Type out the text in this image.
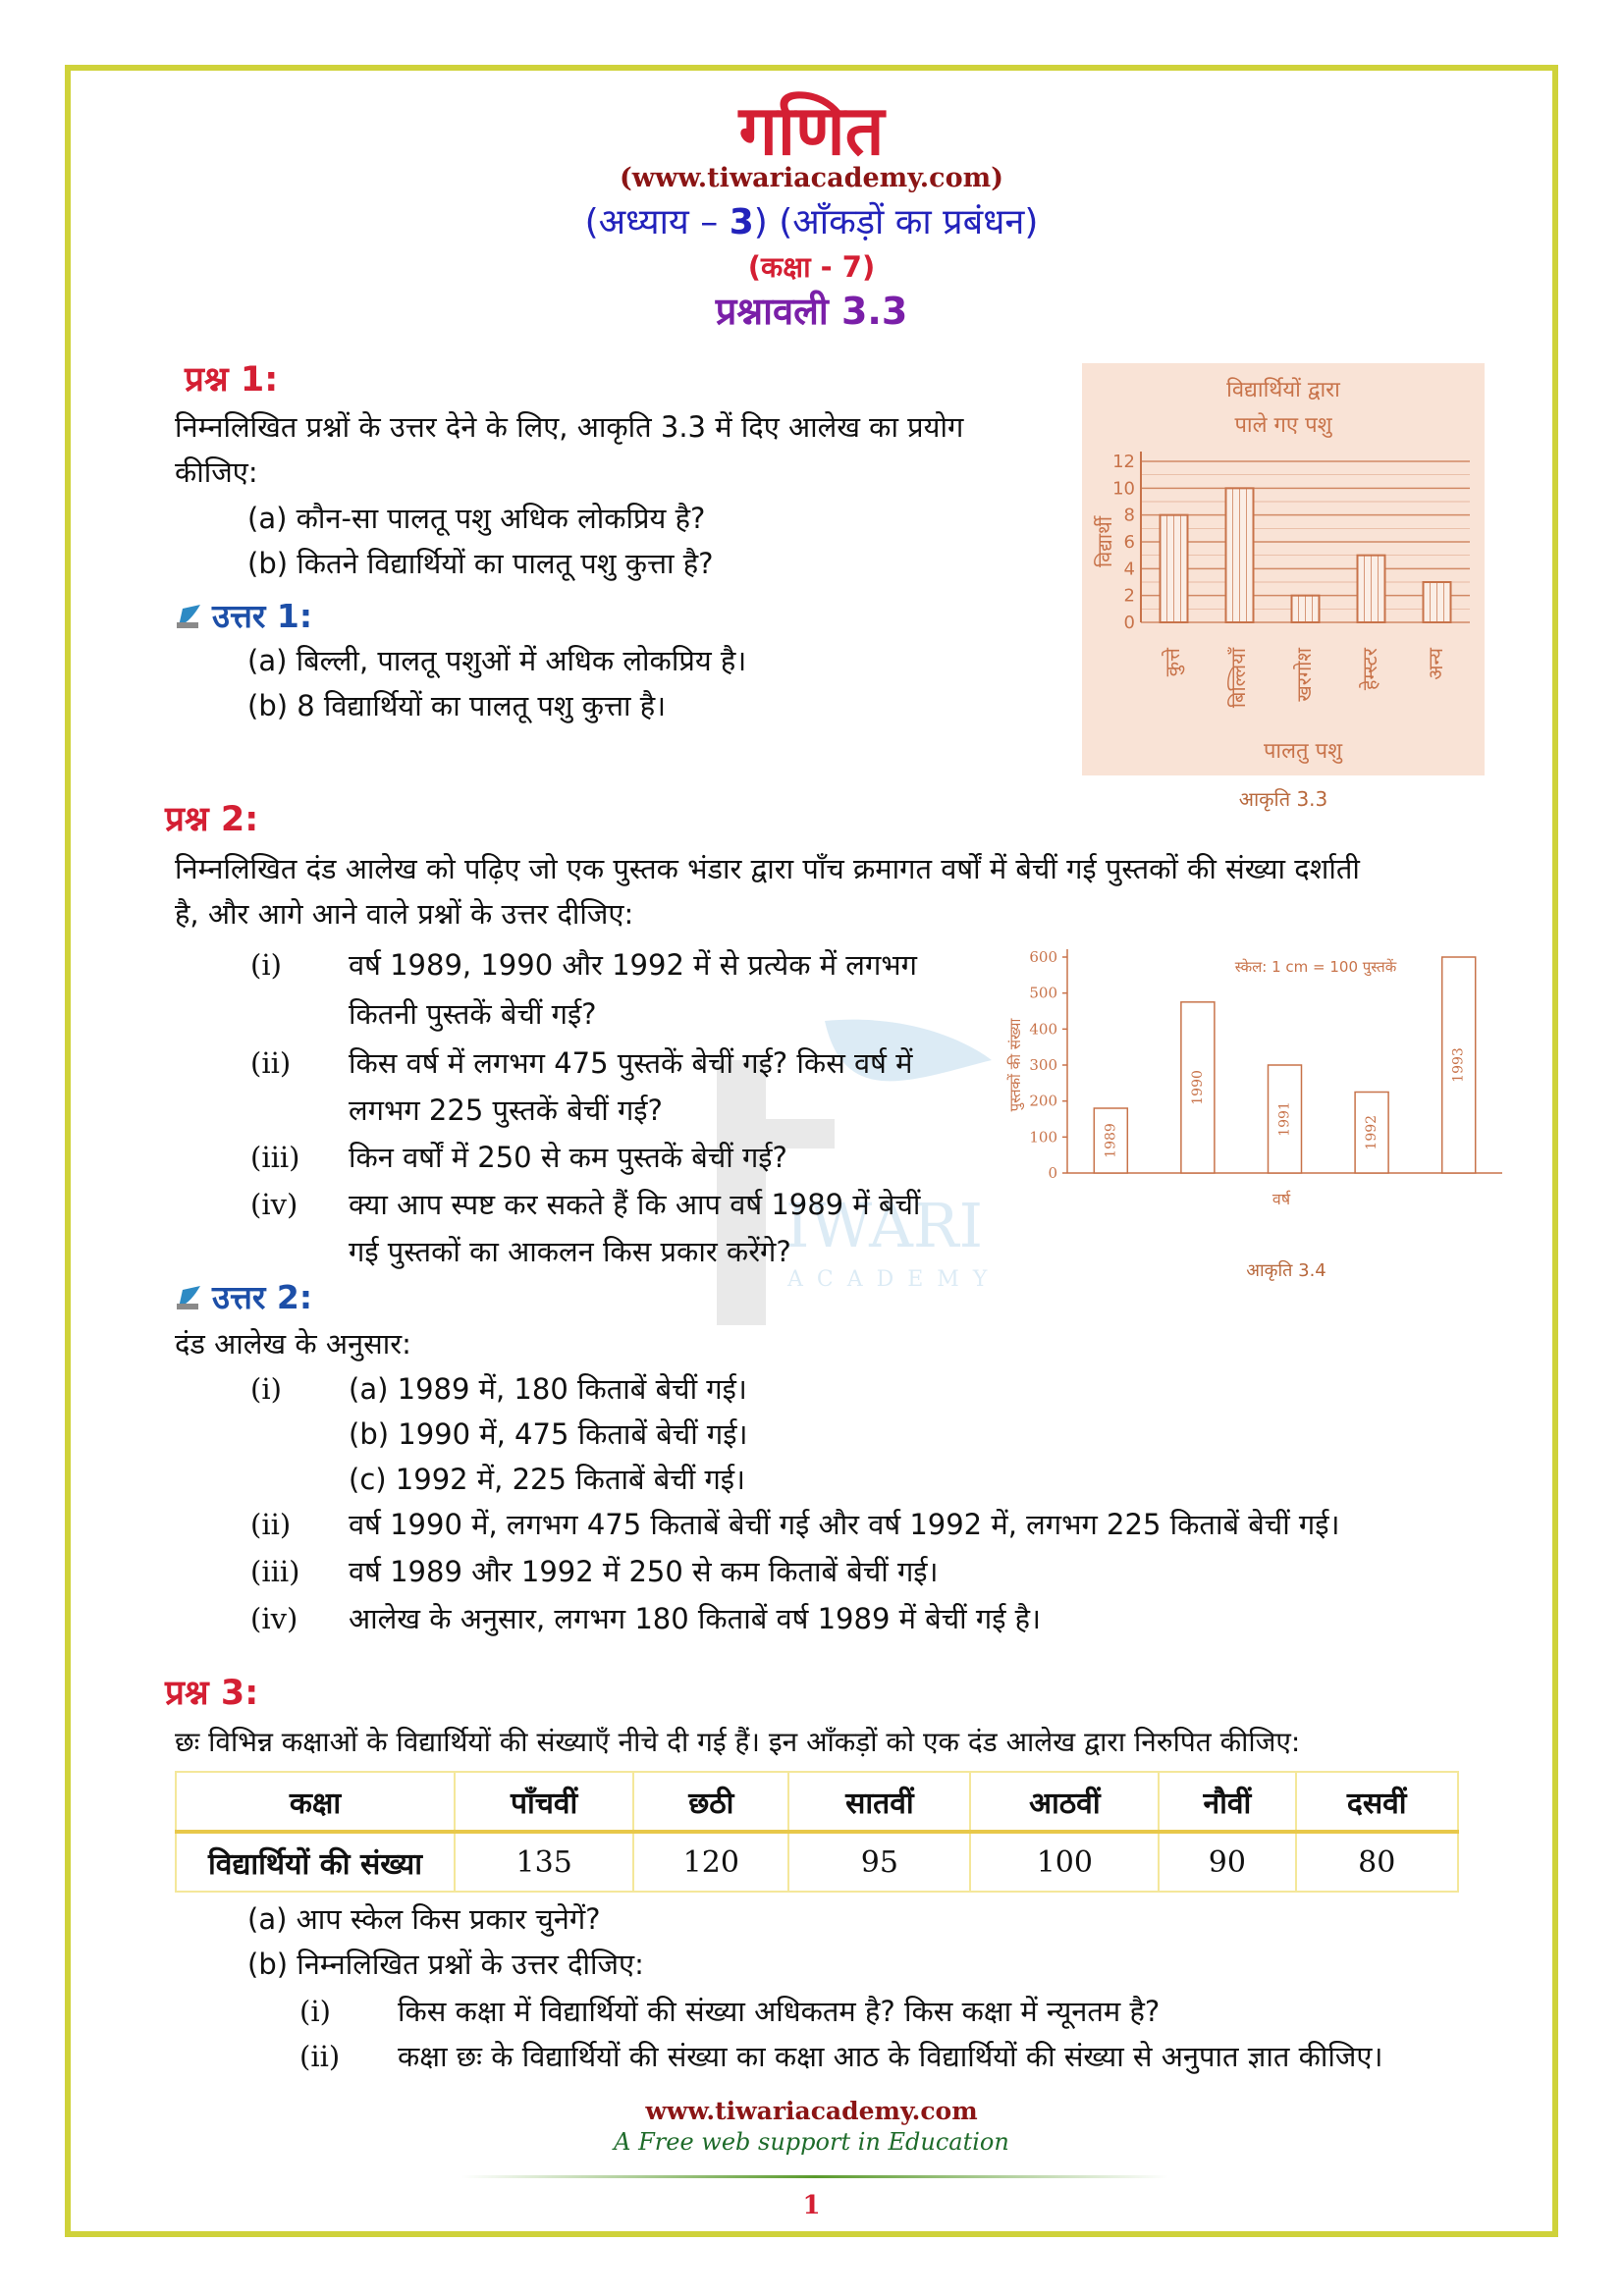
IWARI
ACADEMY
गणित
(www.tiwariacademy.com)
(अध्याय – 3) (आँकड़ों का प्रबंधन)
(कक्षा - 7)
प्रश्नावली 3.3
प्रश्न 1:
निम्नलिखित प्रश्नों के उत्तर देने के लिए, आकृति 3.3 में दिए आलेख का प्रयोग
कीजिए:
(a) कौन-सा पालतू पशु अधिक लोकप्रिय है?
(b) कितने विद्यार्थियों का पालतू पशु कुत्ता है?
उत्तर 1:
(a) बिल्ली, पालतू पशुओं में अधिक लोकप्रिय है।
(b) 8 विद्यार्थियों का पालतू पशु कुत्ता है।
विद्यार्थियों द्वारा
पाले गए पशु
0
2
4
6
8
10
12
विद्यार्थी
कुत्ते बिल्लियाँ खरगोश हेम्स्टर अन्य
पालतु पशु
आकृति 3.3
प्रश्न 2:
निम्नलिखित दंड आलेख को पढ़िए जो एक पुस्तक भंडार द्वारा पाँच क्रमागत वर्षों में बेचीं गई पुस्तकों की संख्या दर्शाती
है, और आगे आने वाले प्रश्नों के उत्तर दीजिए:
(i) वर्ष 1989, 1990 और 1992 में से प्रत्येक में लगभग
कितनी पुस्तकें बेचीं गई?
(ii) किस वर्ष में लगभग 475 पुस्तकें बेचीं गई? किस वर्ष में
लगभग 225 पुस्तकें बेचीं गई?
(iii) किन वर्षों में 250 से कम पुस्तकें बेचीं गई?
(iv) क्या आप स्पष्ट कर सकते हैं कि आप वर्ष 1989 में बेचीं
गई पुस्तकों का आकलन किस प्रकार करेंगे?
0
100
200
300
400
500
600
पुस्तकों की संख्या
स्केल: 1 cm = 100 पुस्तकें
1989
1990
1991	1992
1993
वर्ष
आकृति 3.4
उत्तर 2:
दंड आलेख के अनुसार:
(i) (a) 1989 में, 180 किताबें बेचीं गई।
(b) 1990 में, 475 किताबें बेचीं गई।
(c) 1992 में, 225 किताबें बेचीं गई।
(ii) वर्ष 1990 में, लगभग 475 किताबें बेचीं गई और वर्ष 1992 में, लगभग 225 किताबें बेचीं गई।
(iii) वर्ष 1989 और 1992 में 250 से कम किताबें बेचीं गई।
(iv) आलेख के अनुसार, लगभग 180 किताबें वर्ष 1989 में बेचीं गई है।
प्रश्न 3:
छः विभिन्न कक्षाओं के विद्यार्थियों की संख्याएँ नीचे दी गई हैं। इन आँकड़ों को एक दंड आलेख द्वारा निरुपित कीजिए:
कक्षा	पाँचवीं	छठी	सातवीं	आठवीं	नौवीं	दसवीं
विद्यार्थियों की संख्या	135	120	95	100	90	80
(a) आप स्केल किस प्रकार चुनेगें?
(b) निम्नलिखित प्रश्नों के उत्तर दीजिए:
(i) किस कक्षा में विद्यार्थियों की संख्या अधिकतम है? किस कक्षा में न्यूनतम है?
(ii) कक्षा छः के विद्यार्थियों की संख्या का कक्षा आठ के विद्यार्थियों की संख्या से अनुपात ज्ञात कीजिए।
www.tiwariacademy.com
A Free web support in Education
1
